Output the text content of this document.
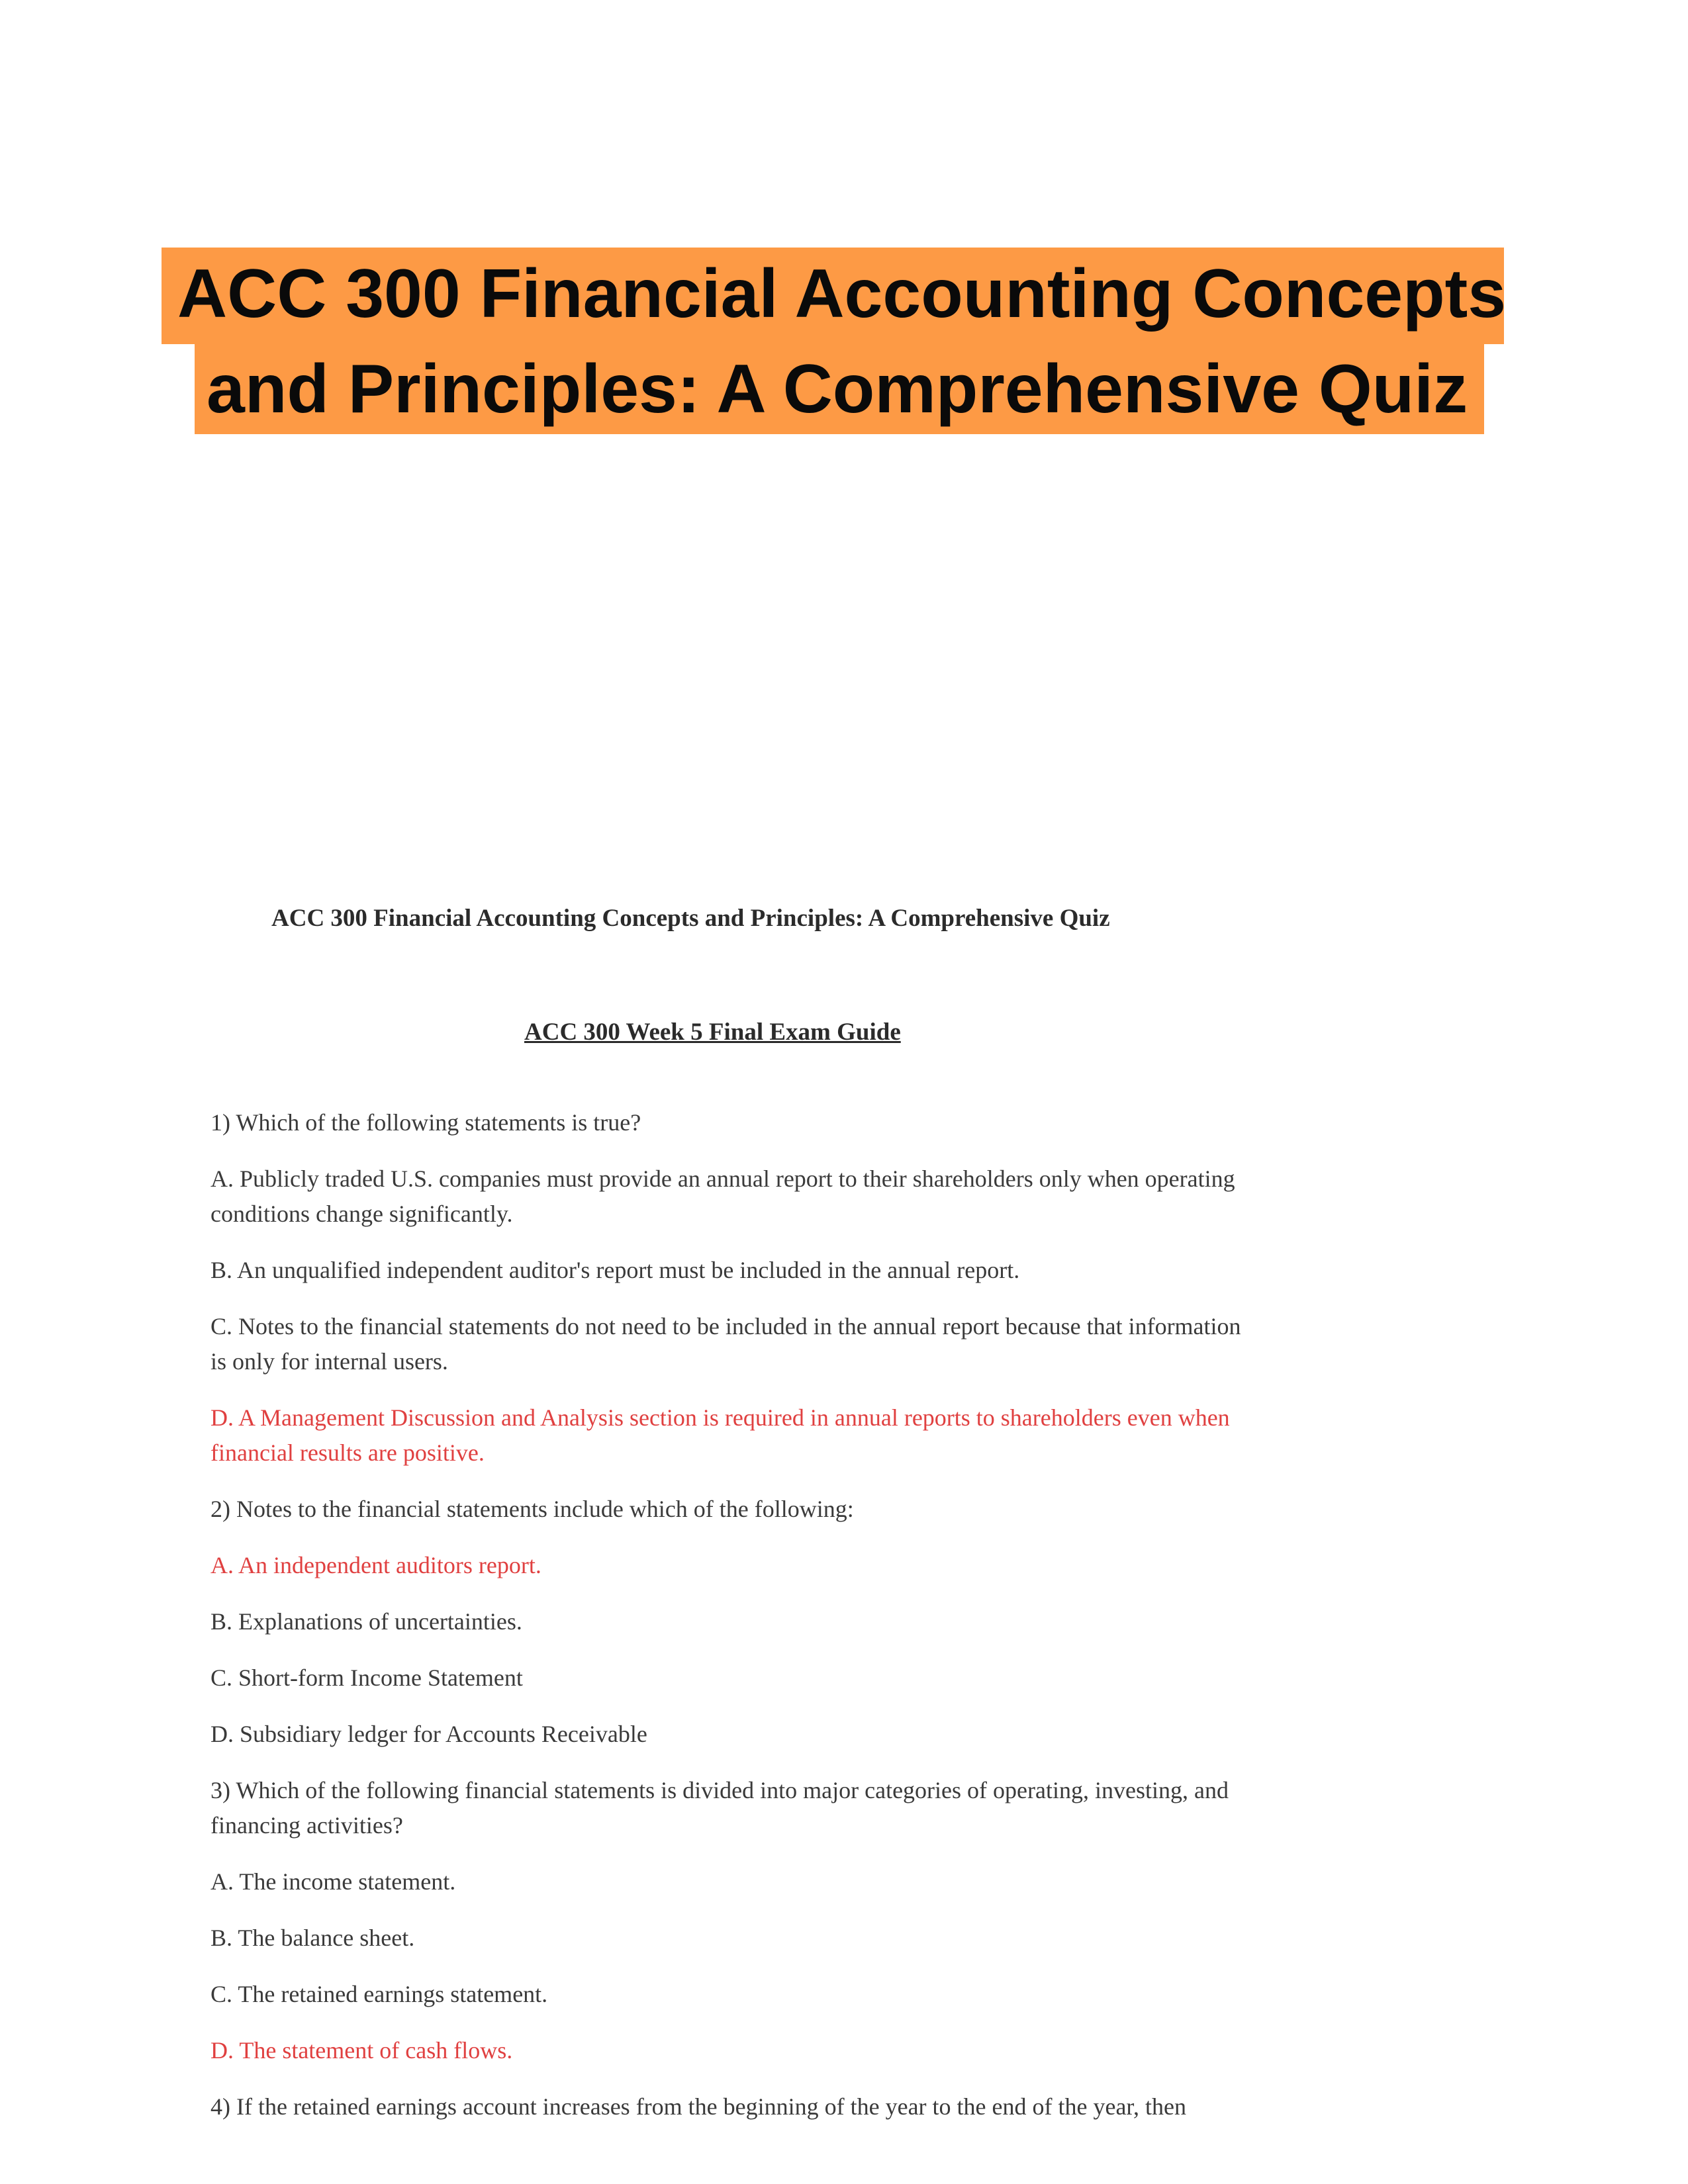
ACC 300 Financial Accounting Concepts
and Principles: A Comprehensive Quiz
ACC 300 Financial Accounting Concepts and Principles: A Comprehensive Quiz
ACC 300 Week 5 Final Exam Guide

1) Which of the following statements is true?

A. Publicly traded U.S. companies must provide an annual report to their shareholders only when operating conditions change significantly.

B. An unqualified independent auditor's report must be included in the annual report.

C. Notes to the financial statements do not need to be included in the annual report because that information is only for internal users.

D. A Management Discussion and Analysis section is required in annual reports to shareholders even when financial results are positive.

2) Notes to the financial statements include which of the following:

A. An independent auditors report.

B. Explanations of uncertainties.

C. Short-form Income Statement

D. Subsidiary ledger for Accounts Receivable

3) Which of the following financial statements is divided into major categories of operating, investing, and financing activities?

A. The income statement.

B. The balance sheet.

C. The retained earnings statement.

D. The statement of cash flows.

4) If the retained earnings account increases from the beginning of the year to the end of the year, then
